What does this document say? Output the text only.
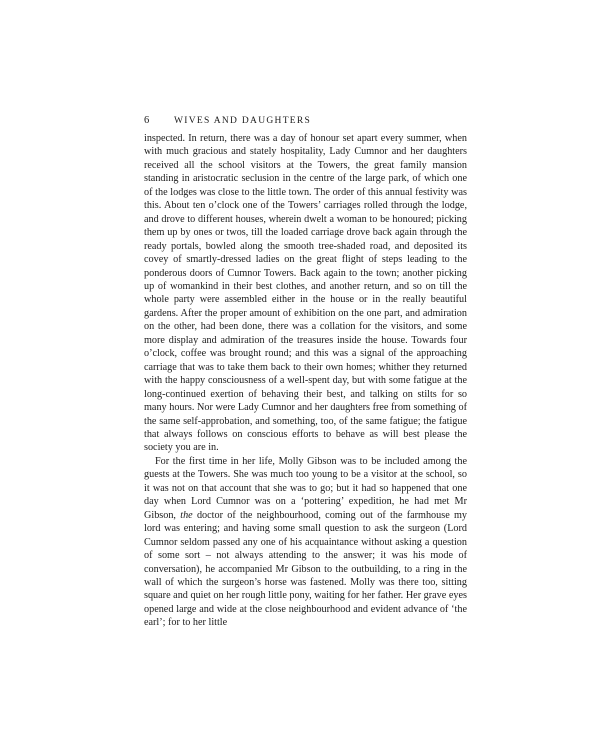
6	WIVES AND DAUGHTERS

inspected. In return, there was a day of honour set apart every summer, when with much gracious and stately hospitality, Lady Cumnor and her daughters received all the school visitors at the Towers, the great family mansion standing in aristocratic seclusion in the centre of the large park, of which one of the lodges was close to the little town. The order of this annual festivity was this. About ten o’clock one of the Towers’ carriages rolled through the lodge, and drove to different houses, wherein dwelt a woman to be honoured; picking them up by ones or twos, till the loaded carriage drove back again through the ready portals, bowled along the smooth tree-shaded road, and deposited its covey of smartly-dressed ladies on the great flight of steps leading to the ponderous doors of Cumnor Towers. Back again to the town; another picking up of womankind in their best clothes, and another return, and so on till the whole party were assembled either in the house or in the really beautiful gardens. After the proper amount of exhibition on the one part, and admiration on the other, had been done, there was a collation for the visitors, and some more display and admiration of the treasures inside the house. Towards four o’clock, coffee was brought round; and this was a signal of the approaching carriage that was to take them back to their own homes; whither they returned with the happy consciousness of a well-spent day, but with some fatigue at the long-continued exertion of behaving their best, and talking on stilts for so many hours. Nor were Lady Cumnor and her daughters free from something of the same self-approbation, and something, too, of the same fatigue; the fatigue that always follows on conscious efforts to behave as will best please the society you are in.

For the first time in her life, Molly Gibson was to be included among the guests at the Towers. She was much too young to be a visitor at the school, so it was not on that account that she was to go; but it had so happened that one day when Lord Cumnor was on a ‘pottering’ expedition, he had met Mr Gibson, the doctor of the neighbourhood, coming out of the farmhouse my lord was entering; and having some small question to ask the surgeon (Lord Cumnor seldom passed any one of his acquaintance without asking a question of some sort – not always attending to the answer; it was his mode of conversation), he accompanied Mr Gibson to the outbuilding, to a ring in the wall of which the surgeon’s horse was fastened. Molly was there too, sitting square and quiet on her rough little pony, waiting for her father. Her grave eyes opened large and wide at the close neighbourhood and evident advance of ‘the earl’; for to her little
